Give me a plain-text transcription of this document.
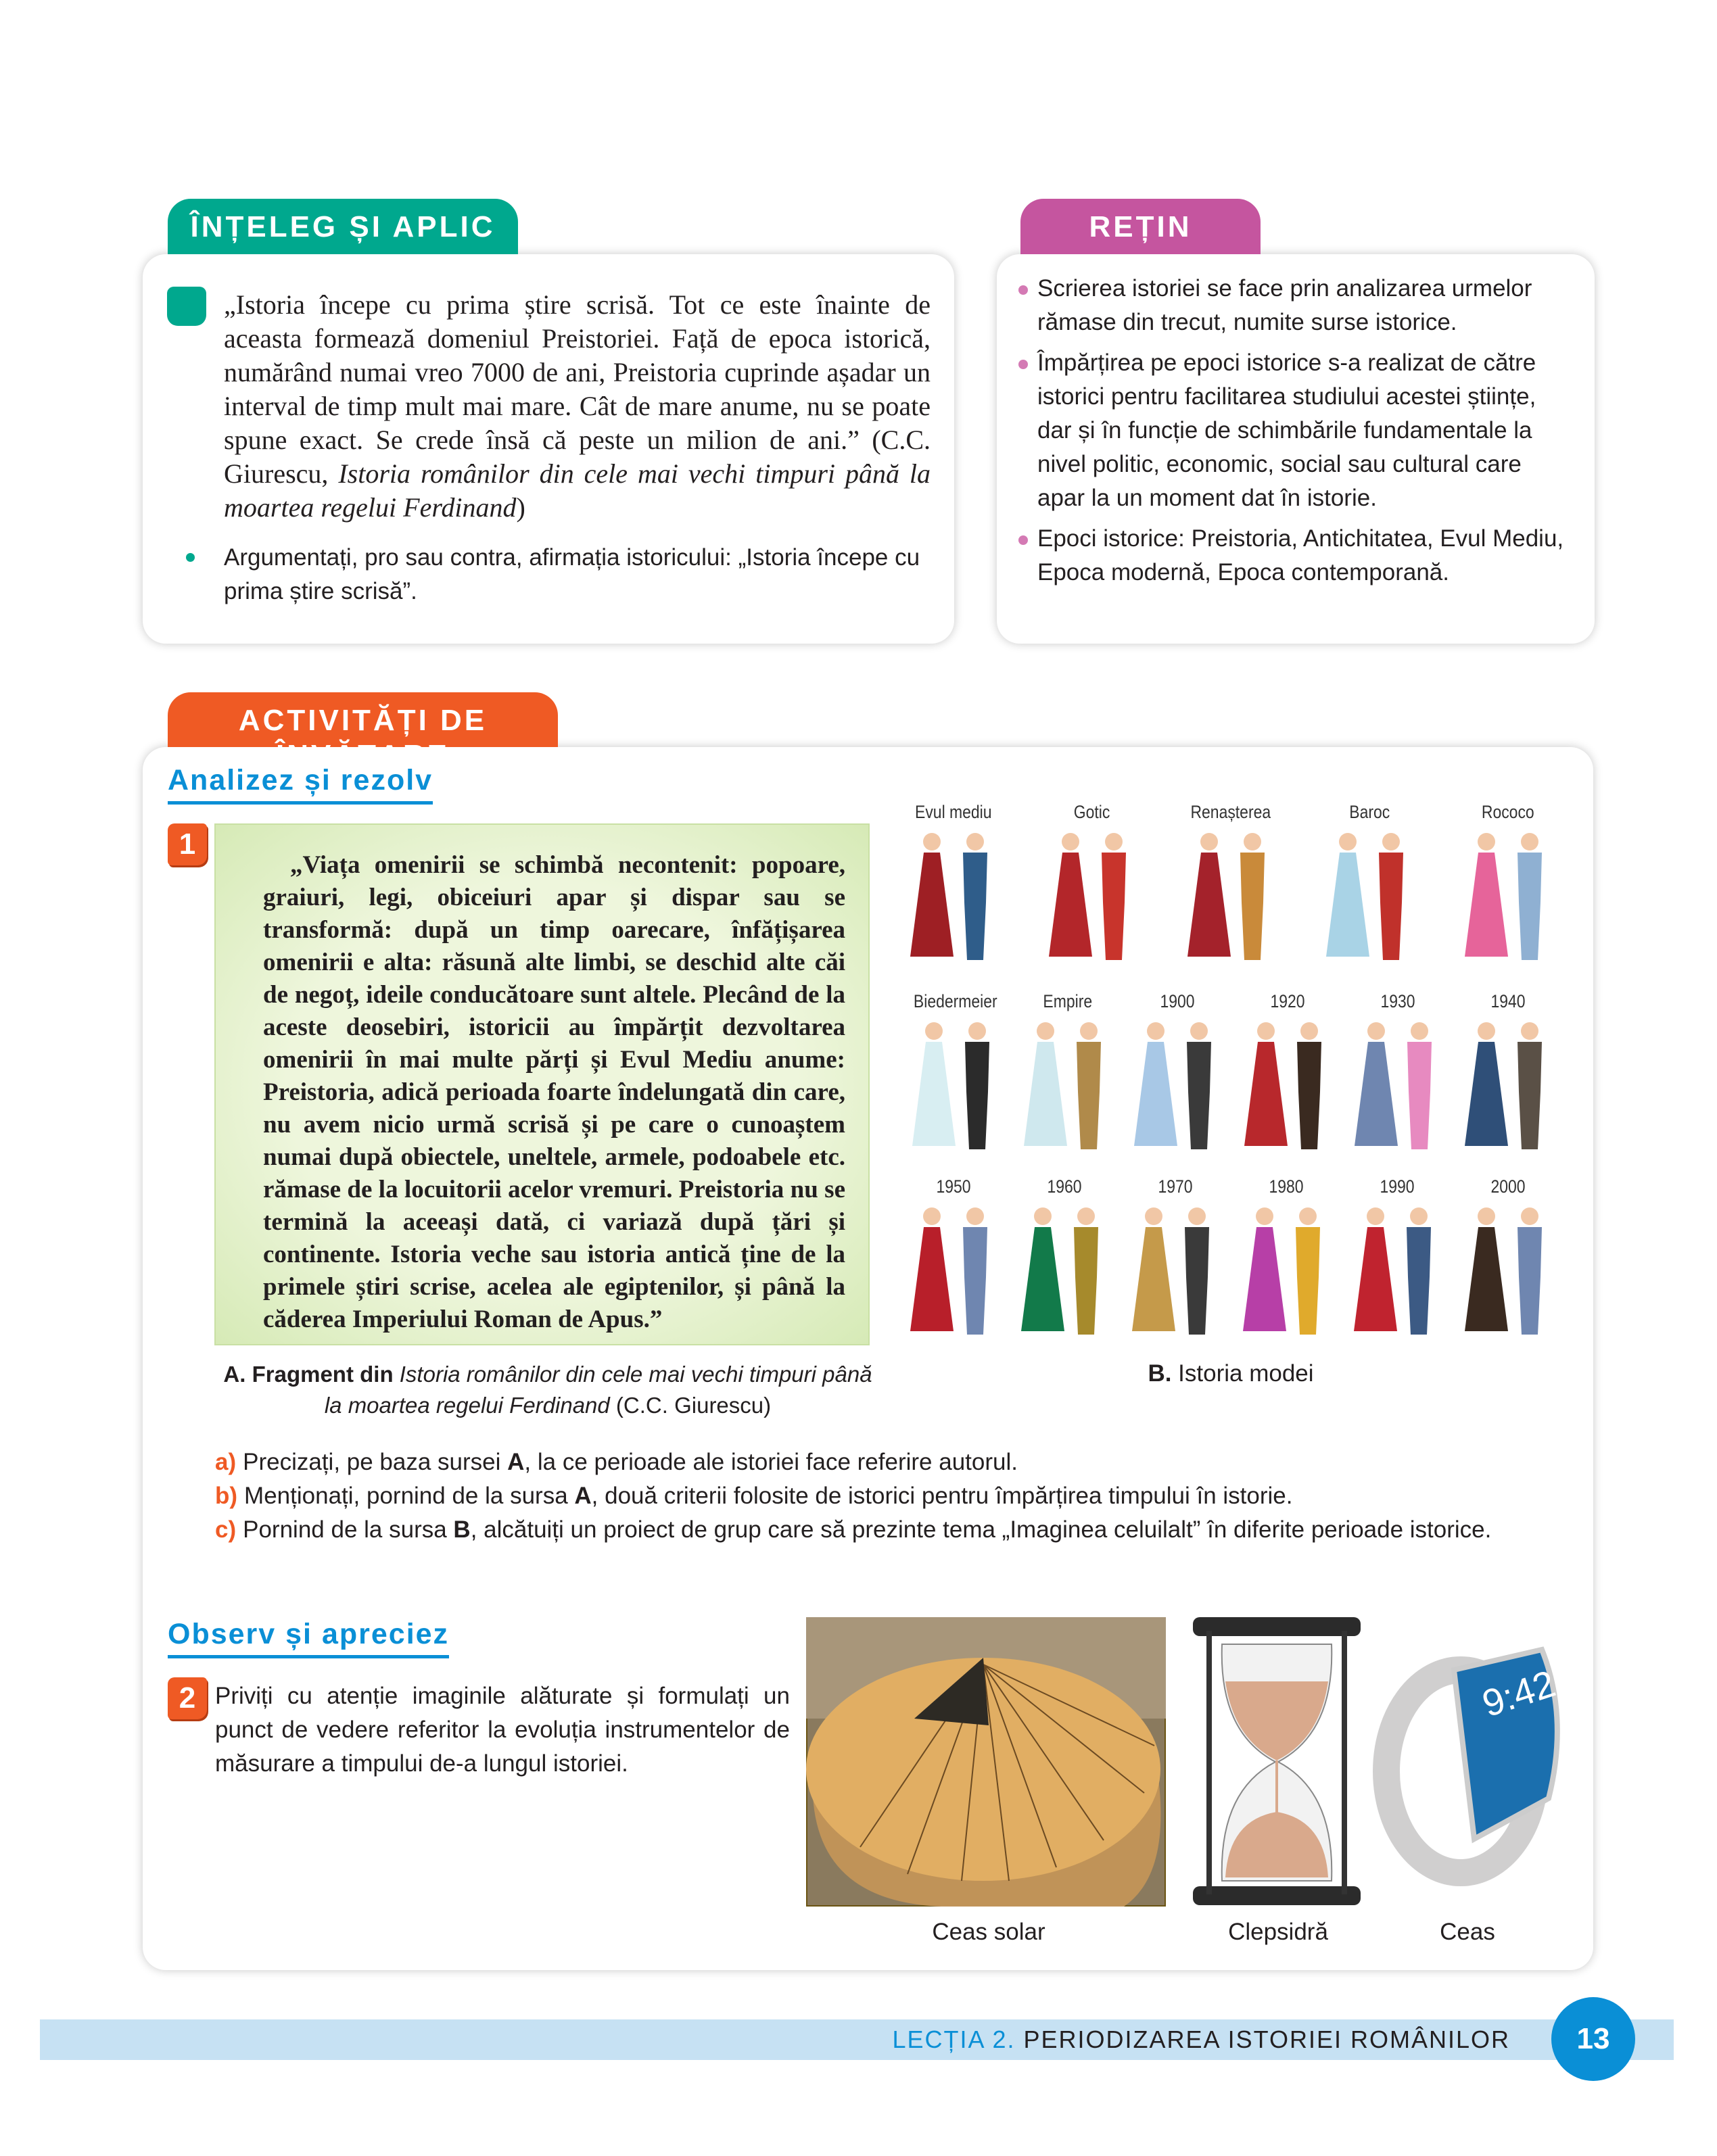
ÎNȚELEG ȘI APLIC
„Istoria începe cu prima știre scrisă. Tot ce este înainte de aceasta formează domeniul Preistoriei. Față de epoca istorică, numărând numai vreo 7000 de ani, Preistoria cuprinde așadar un interval de timp mult mai mare. Cât de mare anume, nu se poate spune exact. Se crede însă că peste un milion de ani.” (C.C. Giurescu, Istoria românilor din cele mai vechi timpuri până la moartea regelui Ferdinand)
Argumentați, pro sau contra, afirmația istoricului: „Istoria începe cu prima știre scrisă”.
REȚIN

Scrierea istoriei se face prin analizarea urmelor rămase din trecut, numite surse istorice.

Împărțirea pe epoci istorice s-a realizat de către istorici pentru facilitarea studiului acestei științe, dar și în funcție de schimbările fundamentale la nivel politic, economic, social sau cultural care apar la un moment dat în istorie.

Epoci istorice: Preistoria, Antichitatea, Evul Mediu, Epoca modernă, Epoca contemporană.

ACTIVITĂȚI DE ÎNVĂȚARE
Analizez și rezolv
1
„Viața omenirii se schimbă necontenit: popoare, graiuri, legi, obiceiuri apar și dispar sau se transformă: după un timp oarecare, înfățișarea omenirii e alta: răsună alte limbi, se deschid alte căi de negoț, ideile conducătoare sunt altele. Plecând de la aceste deosebiri, istoricii au împărțit dezvoltarea omenirii în mai multe părți și Evul Mediu anume: Preistoria, adică perioada foarte îndelungată din care, nu avem nicio urmă scrisă și pe care o cunoaștem numai după obiectele, uneltele, armele, podoabele etc. rămase de la locuitorii acelor vremuri. Preistoria nu se termină la aceeași dată, ci variază după țări și continente. Istoria veche sau istoria antică ține de la primele știri scrise, acelea ale egiptenilor, și până la căderea Imperiului Roman de Apus.”
A. Fragment din Istoria românilor din cele mai vechi timpuri până la moartea regelui Ferdinand (C.C. Giurescu)
Evul mediu	Gotic	Renașterea	Baroc	Rococo
Biedermeier Empire	1900	1920	1930	1940
1950	1960	1970	1980	1990	2000
B. Istoria modei
a) Precizați, pe baza sursei A, la ce perioade ale istoriei face referire autorul.
b) Menționați, pornind de la sursa A, două criterii folosite de istorici pentru împărțirea timpului în istorie.
c) Pornind de la sursa B, alcătuiți un proiect de grup care să prezinte tema „Imaginea celuilalt” în diferite perioade istorice.
Observ și apreciez
2 Priviți cu atenție imaginile alăturate și formulați un punct de vedere referitor la evoluția instrumentelor de măsurare a timpului de-a lungul istoriei.
9:42
Ceas solar	Clepsidră	Ceas
LECȚIA 2. PERIODIZAREA ISTORIEI ROMÂNILOR	13
